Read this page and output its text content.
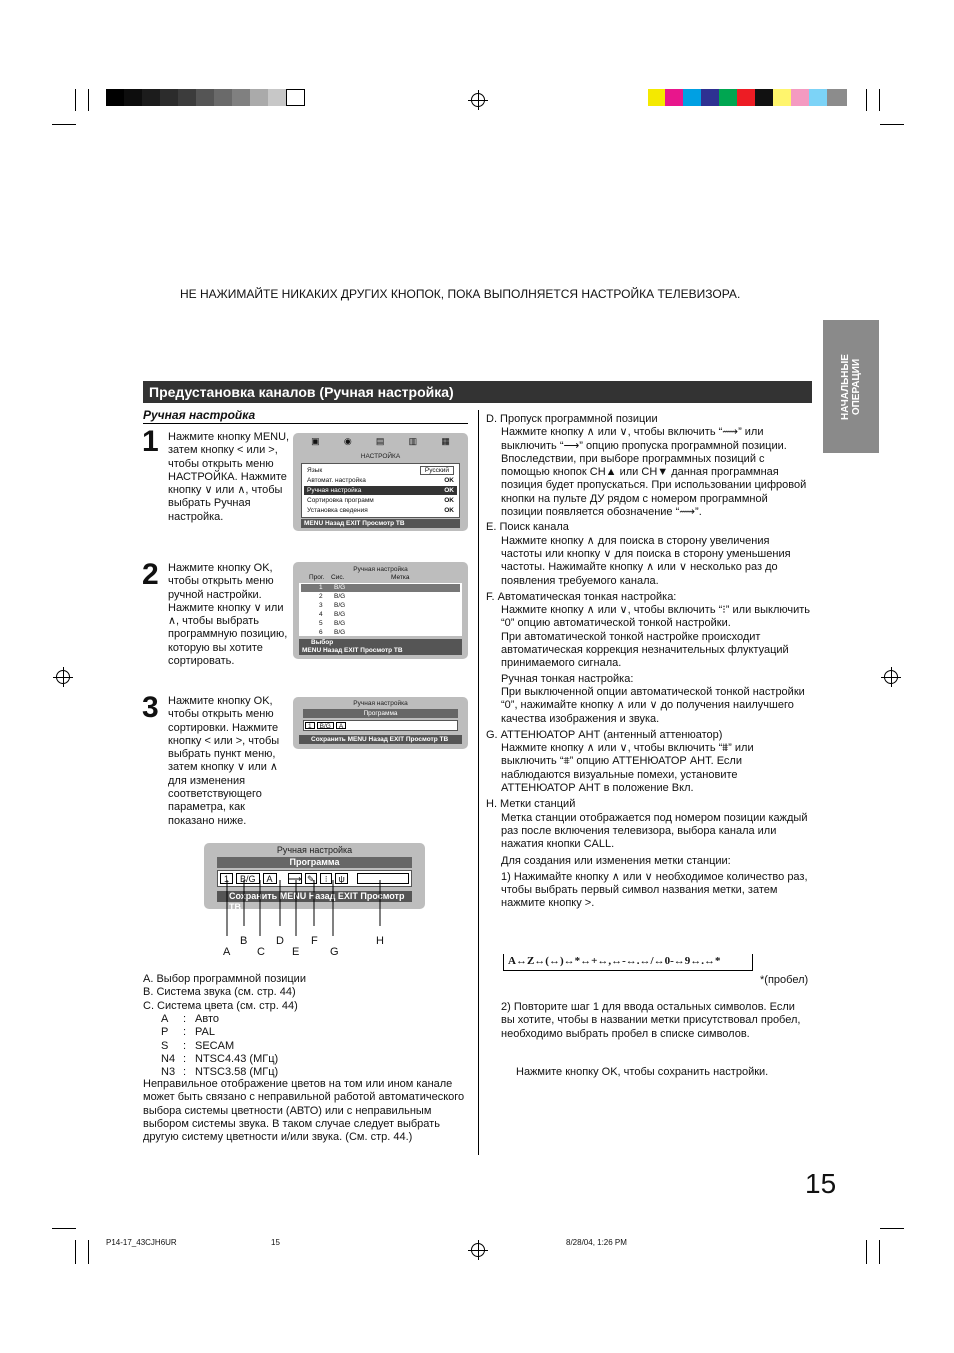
НЕ НАЖИМАЙТЕ НИКАКИХ ДРУГИХ КНОПОК, ПОКА ВЫПОЛНЯЕТСЯ НАСТРОЙКА ТЕЛЕВИЗОРА.
НАЧАЛЬНЫЕ ОПЕРАЦИИ
Предустановка каналов (Ручная настройка)
Ручная настройка
1 Нажмите кнопку MENU, затем кнопку < или >, чтобы открыть меню НАСТРОЙКА. Нажмите кнопку ∨ или ∧, чтобы выбрать Ручная настройка.
▣	◉	▤	▥	▦
НАСТРОЙКА
Язык	Русский
Автомат. настройка	OK
Ручная настройка	OK
Сортировка программ	OK
Установка сведения	OK
MENU Назад EXIT Просмотр ТВ
2 Нажмите кнопку OK, чтобы открыть меню ручной настройки. Нажмите кнопку ∨ или ∧, чтобы выбрать программную позицию, которую вы хотите сортировать.
Ручная настройка
Прог. Сис.	Метка
1 B/G
2 B/G
3 B/G
4 B/G
5 B/G
6 B/G
Выбор
MENU Назад EXIT Просмотр ТВ
3 Нажмите кнопку OK, чтобы открыть меню сортировки. Нажмите кнопку < или >, чтобы выбрать пункт меню, затем кнопку ∨ или ∧ для изменения соответствующего параметра, как показано ниже.
Ручная настройка
Программа
1	B/G	A
Сохранить MENU Назад EXIT Просмотр ТВ
Ручная настройка
Программа
1	B/G	A	⟶ ✎	⁝	ψ
Сохранить MENU Назад EXIT Просмотр ТВ
A
B
C
D
E
F
G
H
A. Выбор программной позиции
B. Система звука (см. стр. 44)
C. Система цвета (см. стр. 44)
A : Авто
P : PAL
S : SECAM
N4 : NTSC4.43 (МГц)
N3 : NTSC3.58 (МГц)
Неправильное отображение цветов на том или ином канале может быть связано с неправильной работой автоматического выбора системы цветности (АВТО) или с неправильным выбором системы звука. В таком случае следует выбрать другую систему цветности и/или звука. (См. стр. 44.)
D. Пропуск программной позиции
Нажмите кнопку ∧ или ∨, чтобы включить “⟿” или выключить “⟶” опцию пропуска программной позиции. Впоследствии, при выборе программных позиций с помощью кнопок CH▲ или CH▼ данная программная позиция будет пропускаться. При использовании цифровой кнопки на пульте ДУ рядом с номером программной позиции появляется обозначение “⟿”.
E. Поиск канала
Нажмите кнопку ∧ для поиска в сторону увеличения частоты или кнопку ∨ для поиска в сторону уменьшения частоты. Нажимайте кнопку ∧ или ∨ несколько раз до появления требуемого канала.
F. Автоматическая тонкая настройка:
Нажмите кнопку ∧ или ∨, чтобы включить “⁝” или выключить “0” опцию автоматической тонкой настройки.
При автоматической тонкой настройке происходит автоматическая коррекция незначительных флуктуаций принимаемого сигнала.
Ручная тонкая настройка:
При выключенной опции автоматической тонкой настройки “0”, нажимайте кнопку ∧ или ∨ до получения наилучшего качества изображения и звука.
G. АТТЕНЮАТОР АНТ (антенный аттенюатор)
Нажмите кнопку ∧ или ∨, чтобы включить “⩩” или выключить “⩨” опцию АТТЕНЮАТОР АНТ. Если наблюдаются визуальные помехи, установите АТТЕНЮАТОР АНТ в положение Вкл.
H. Метки станций
Метка станции отображается под номером позиции каждый раз после включения телевизора, выбора канала или нажатия кнопки CALL.
Для создания или изменения метки станции:
1) Нажимайте кнопку ∧ или ∨ необходимое количество раз, чтобы выбрать первый символ названия метки, затем нажмите кнопку >.
A↔Z↔(↔)↔*↔+↔,↔-↔.↔/↔0-↔9↔.↔*
*(пробел)
2) Повторите шаг 1 для ввода остальных символов. Если вы хотите, чтобы в названии метки присутствовал пробел, необходимо выбрать пробел в списке символов.
Нажмите кнопку OK, чтобы сохранить настройки.
15
P14-17_43CJH6UR	15	8/28/04, 1:26 PM
